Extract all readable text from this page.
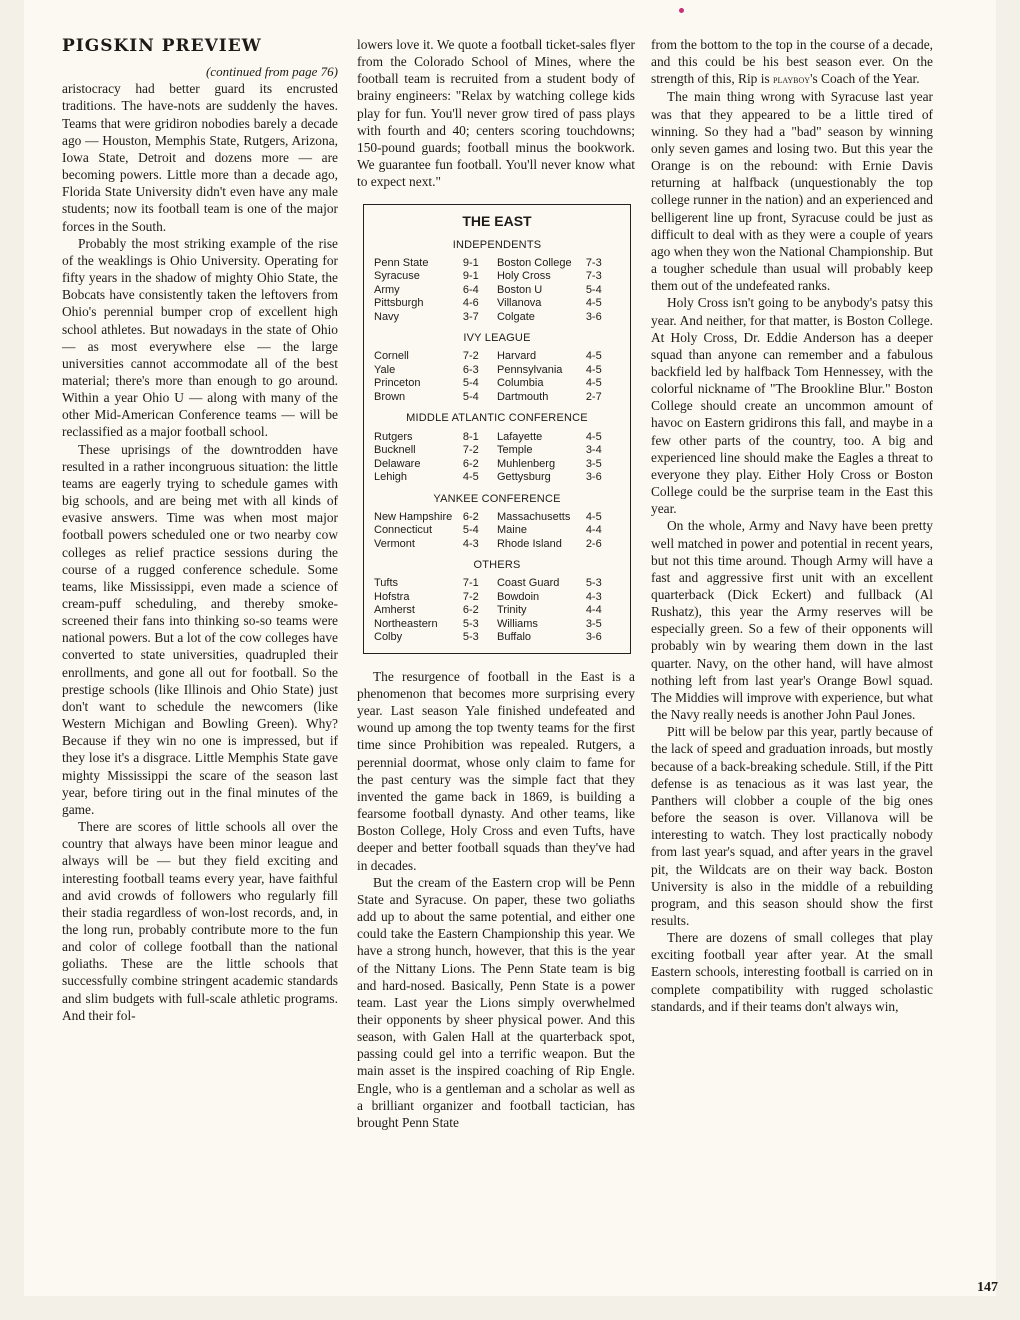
PIGSKIN PREVIEW

(continued from page 76)

aristocracy had better guard its encrusted traditions. The have-nots are suddenly the haves. Teams that were gridiron nobodies barely a decade ago — Houston, Memphis State, Rutgers, Arizona, Iowa State, Detroit and dozens more — are becoming powers. Little more than a decade ago, Florida State University didn't even have any male students; now its football team is one of the major forces in the South.

Probably the most striking example of the rise of the weaklings is Ohio University. Operating for fifty years in the shadow of mighty Ohio State, the Bobcats have consistently taken the leftovers from Ohio's perennial bumper crop of excellent high school athletes. But nowadays in the state of Ohio — as most everywhere else — the large universities cannot accommodate all of the best material; there's more than enough to go around. Within a year Ohio U — along with many of the other Mid-American Conference teams — will be reclassified as a major football school.

These uprisings of the downtrodden have resulted in a rather incongruous situation: the little teams are eagerly trying to schedule games with big schools, and are being met with all kinds of evasive answers. Time was when most major football powers scheduled one or two nearby cow colleges as relief practice sessions during the course of a rugged conference schedule. Some teams, like Mississippi, even made a science of cream-puff scheduling, and thereby smoke-screened their fans into thinking so-so teams were national powers. But a lot of the cow colleges have converted to state universities, quadrupled their enrollments, and gone all out for football. So the prestige schools (like Illinois and Ohio State) just don't want to schedule the newcomers (like Western Michigan and Bowling Green). Why? Because if they win no one is impressed, but if they lose it's a disgrace. Little Memphis State gave mighty Mississippi the scare of the season last year, before tiring out in the final minutes of the game.

There are scores of little schools all over the country that always have been minor league and always will be — but they field exciting and interesting football teams every year, have faithful and avid crowds of followers who regularly fill their stadia regardless of won-lost records, and, in the long run, probably contribute more to the fun and color of college football than the national goliaths. These are the little schools that successfully combine stringent academic standards and slim budgets with full-scale athletic programs. And their fol-

lowers love it. We quote a football ticket-sales flyer from the Colorado School of Mines, where the football team is recruited from a student body of brainy engineers: "Relax by watching college kids play for fun. You'll never grow tired of pass plays with fourth and 40; centers scoring touchdowns; 150-pound guards; football minus the bookwork. We guarantee fun football. You'll never know what to expect next."

THE EAST
INDEPENDENTS
Penn State	9-1	Boston College	7-3
Syracuse	9-1	Holy Cross	7-3
Army	6-4	Boston U	5-4
Pittsburgh	4-6	Villanova	4-5
Navy	3-7	Colgate	3-6
IVY LEAGUE
Cornell	7-2	Harvard	4-5
Yale	6-3	Pennsylvania	4-5
Princeton	5-4	Columbia	4-5
Brown	5-4	Dartmouth	2-7
MIDDLE ATLANTIC CONFERENCE
Rutgers	8-1	Lafayette	4-5
Bucknell	7-2	Temple	3-4
Delaware	6-2	Muhlenberg	3-5
Lehigh	4-5	Gettysburg	3-6
YANKEE CONFERENCE
New Hampshire	6-2	Massachusetts	4-5
Connecticut	5-4	Maine	4-4
Vermont	4-3	Rhode Island	2-6
OTHERS
Tufts	7-1	Coast Guard	5-3
Hofstra	7-2	Bowdoin	4-3
Amherst	6-2	Trinity	4-4
Northeastern	5-3	Williams	3-5
Colby	5-3	Buffalo	3-6

The resurgence of football in the East is a phenomenon that becomes more surprising every year. Last season Yale finished undefeated and wound up among the top twenty teams for the first time since Prohibition was repealed. Rutgers, a perennial doormat, whose only claim to fame for the past century was the simple fact that they invented the game back in 1869, is building a fearsome football dynasty. And other teams, like Boston College, Holy Cross and even Tufts, have deeper and better football squads than they've had in decades.

But the cream of the Eastern crop will be Penn State and Syracuse. On paper, these two goliaths add up to about the same potential, and either one could take the Eastern Championship this year. We have a strong hunch, however, that this is the year of the Nittany Lions. The Penn State team is big and hard-nosed. Basically, Penn State is a power team. Last year the Lions simply overwhelmed their opponents by sheer physical power. And this season, with Galen Hall at the quarterback spot, passing could gel into a terrific weapon. But the main asset is the inspired coaching of Rip Engle. Engle, who is a gentleman and a scholar as well as a brilliant organizer and football tactician, has brought Penn State

from the bottom to the top in the course of a decade, and this could be his best season ever. On the strength of this, Rip is playboy's Coach of the Year.

The main thing wrong with Syracuse last year was that they appeared to be a little tired of winning. So they had a "bad" season by winning only seven games and losing two. But this year the Orange is on the rebound: with Ernie Davis returning at halfback (unquestionably the top college runner in the nation) and an experienced and belligerent line up front, Syracuse could be just as difficult to deal with as they were a couple of years ago when they won the National Championship. But a tougher schedule than usual will probably keep them out of the undefeated ranks.

Holy Cross isn't going to be anybody's patsy this year. And neither, for that matter, is Boston College. At Holy Cross, Dr. Eddie Anderson has a deeper squad than anyone can remember and a fabulous backfield led by halfback Tom Hennessey, with the colorful nickname of "The Brookline Blur." Boston College should create an uncommon amount of havoc on Eastern gridirons this fall, and maybe in a few other parts of the country, too. A big and experienced line should make the Eagles a threat to everyone they play. Either Holy Cross or Boston College could be the surprise team in the East this year.

On the whole, Army and Navy have been pretty well matched in power and potential in recent years, but not this time around. Though Army will have a fast and aggressive first unit with an excellent quarterback (Dick Eckert) and fullback (Al Rushatz), this year the Army reserves will be especially green. So a few of their opponents will probably win by wearing them down in the last quarter. Navy, on the other hand, will have almost nothing left from last year's Orange Bowl squad. The Middies will improve with experience, but what the Navy really needs is another John Paul Jones.

Pitt will be below par this year, partly because of the lack of speed and graduation inroads, but mostly because of a back-breaking schedule. Still, if the Pitt defense is as tenacious as it was last year, the Panthers will clobber a couple of the big ones before the season is over. Villanova will be interesting to watch. They lost practically nobody from last year's squad, and after years in the gravel pit, the Wildcats are on their way back. Boston University is also in the middle of a rebuilding program, and this season should show the first results.

There are dozens of small colleges that play exciting football year after year. At the small Eastern schools, interesting football is carried on in complete compatibility with rugged scholastic standards, and if their teams don't always win,

147
